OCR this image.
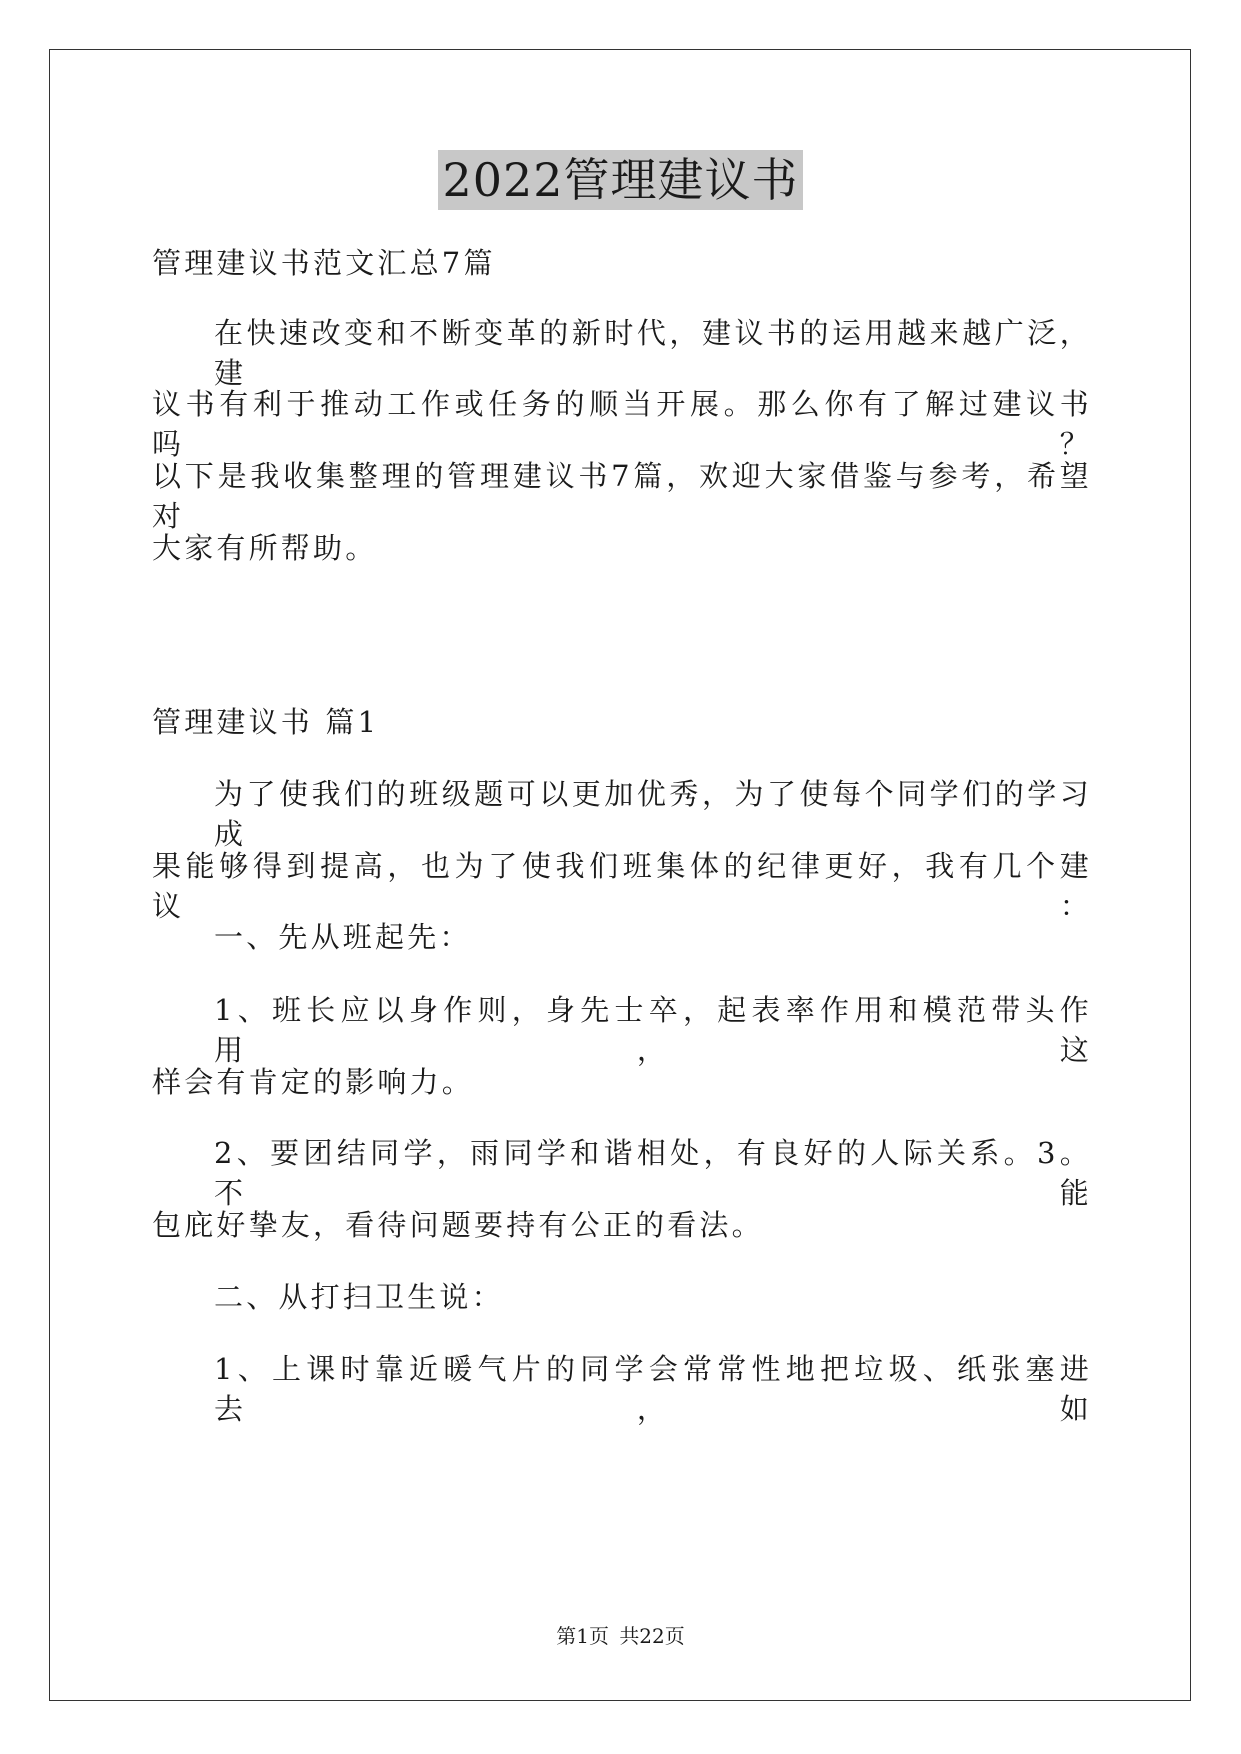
2022管理建议书
管理建议书范文汇总7篇
在快速改变和不断变革的新时代，建议书的运用越来越广泛，建
议书有利于推动工作或任务的顺当开展。那么你有了解过建议书吗？
以下是我收集整理的管理建议书7篇，欢迎大家借鉴与参考，希望对
大家有所帮助。
管理建议书 篇1
为了使我们的班级题可以更加优秀，为了使每个同学们的学习成
果能够得到提高，也为了使我们班集体的纪律更好，我有几个建议：
一、先从班起先：
1、班长应以身作则，身先士卒，起表率作用和模范带头作用，这
样会有肯定的影响力。
2、要团结同学，雨同学和谐相处，有良好的人际关系。3。不能
包庇好挚友，看待问题要持有公正的看法。
二、从打扫卫生说：
1、上课时靠近暖气片的同学会常常性地把垃圾、纸张塞进去，如
第1页 共22页
